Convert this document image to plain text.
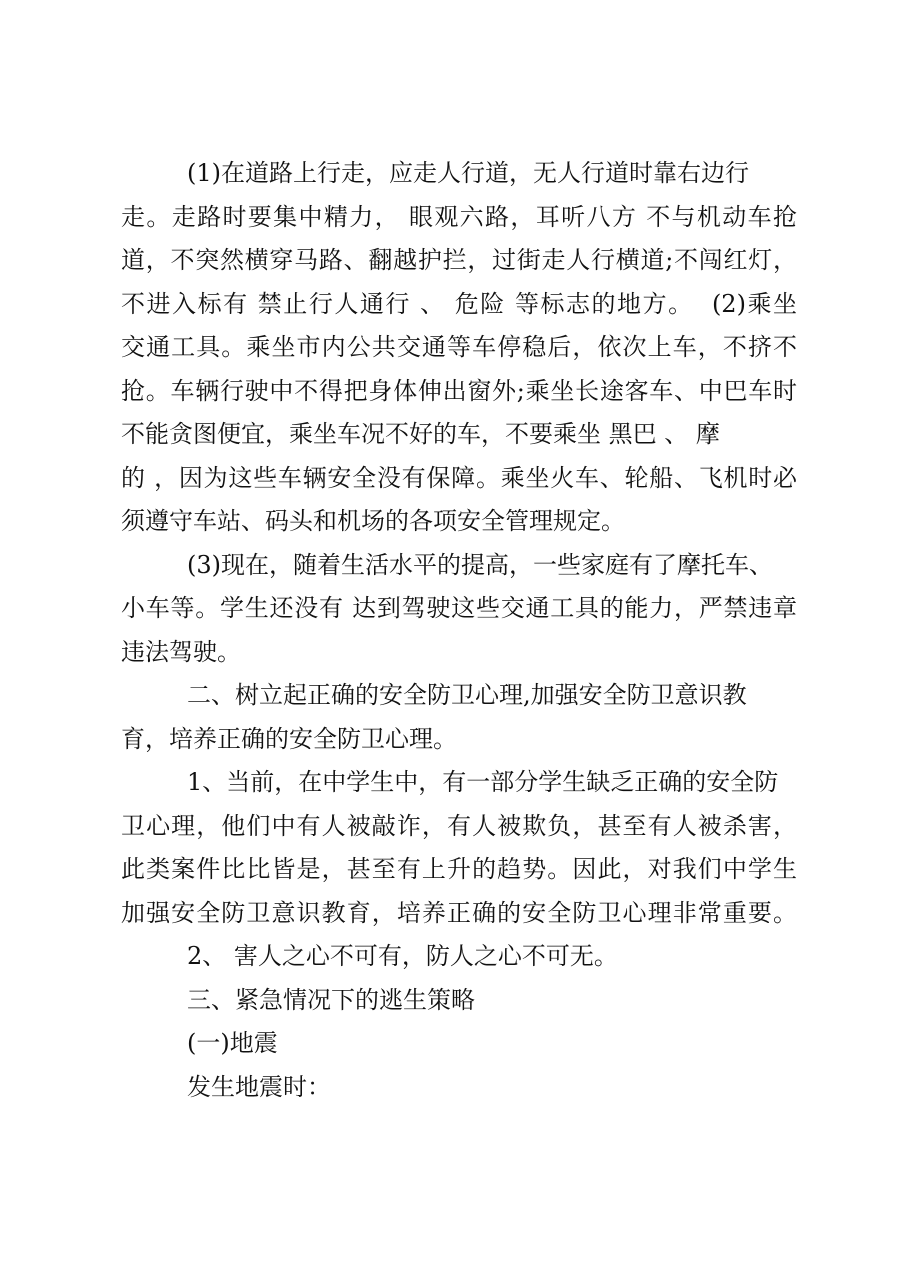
(1)在道路上行走，应走人行道，无人行道时靠右边行
走。走路时要集中精力， 眼观六路，耳听八方 不与机动车抢
道，不突然横穿马路、翻越护拦，过街走人行横道;不闯红灯，
不进入标有 禁止行人通行 、 危险 等标志的地方。  (2)乘坐
交通工具。乘坐市内公共交通等车停稳后，依次上车，不挤不
抢。车辆行驶中不得把身体伸出窗外;乘坐长途客车、中巴车时
不能贪图便宜，乘坐车况不好的车，不要乘坐 黑巴 、 摩
的 ，因为这些车辆安全没有保障。乘坐火车、轮船、飞机时必
须遵守车站、码头和机场的各项安全管理规定。
(3)现在，随着生活水平的提高，一些家庭有了摩托车、
小车等。学生还没有 达到驾驶这些交通工具的能力，严禁违章
违法驾驶。
二、树立起正确的安全防卫心理,加强安全防卫意识教
育，培养正确的安全防卫心理。
1、当前，在中学生中，有一部分学生缺乏正确的安全防
卫心理，他们中有人被敲诈，有人被欺负，甚至有人被杀害，
此类案件比比皆是，甚至有上升的趋势。因此，对我们中学生
加强安全防卫意识教育，培养正确的安全防卫心理非常重要。
2、 害人之心不可有，防人之心不可无。
三、紧急情况下的逃生策略
(一)地震
发生地震时：
